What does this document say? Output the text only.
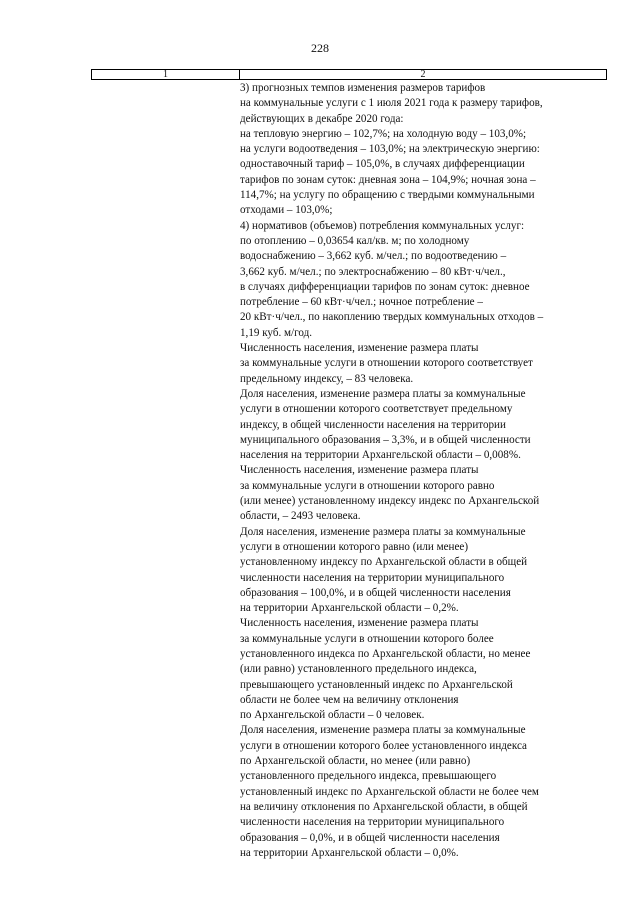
228
1	2
3) прогнозных темпов изменения размеров тарифов
на коммунальные услуги с 1 июля 2021 года к размеру тарифов,
действующих в декабре 2020 года:
на тепловую энергию – 102,7%; на холодную воду – 103,0%;
на услуги водоотведения – 103,0%; на электрическую энергию:
одноставочный тариф – 105,0%, в случаях дифференциации
тарифов по зонам суток: дневная зона – 104,9%; ночная зона –
114,7%; на услугу по обращению с твердыми коммунальными
отходами – 103,0%;
4) нормативов (объемов) потребления коммунальных услуг:
по отоплению – 0,03654 кал/кв. м; по холодному
водоснабжению – 3,662 куб. м/чел.; по водоотведению –
3,662 куб. м/чел.; по электроснабжению – 80 кВт·ч/чел.,
в случаях дифференциации тарифов по зонам суток: дневное
потребление – 60 кВт·ч/чел.; ночное потребление –
20 кВт·ч/чел., по накоплению твердых коммунальных отходов –
1,19 куб. м/год.
Численность населения, изменение размера платы
за коммунальные услуги в отношении которого соответствует
предельному индексу, – 83 человека.
Доля населения, изменение размера платы за коммунальные
услуги в отношении которого соответствует предельному
индексу, в общей численности населения на территории
муниципального образования – 3,3%, и в общей численности
населения на территории Архангельской области – 0,008%.
Численность населения, изменение размера платы
за коммунальные услуги в отношении которого равно
(или менее) установленному индексу индекс по Архангельской
области, – 2493 человека.
Доля населения, изменение размера платы за коммунальные
услуги в отношении которого равно (или менее)
установленному индексу по Архангельской области в общей
численности населения на территории муниципального
образования – 100,0%, и в общей численности населения
на территории Архангельской области – 0,2%.
Численность населения, изменение размера платы
за коммунальные услуги в отношении которого более
установленного индекса по Архангельской области, но менее
(или равно) установленного предельного индекса,
превышающего установленный индекс по Архангельской
области не более чем на величину отклонения
по Архангельской области – 0 человек.
Доля населения, изменение размера платы за коммунальные
услуги в отношении которого более установленного индекса
по Архангельской области, но менее (или равно)
установленного предельного индекса, превышающего
установленный индекс по Архангельской области не более чем
на величину отклонения по Архангельской области, в общей
численности населения на территории муниципального
образования – 0,0%, и в общей численности населения
на территории Архангельской области – 0,0%.
